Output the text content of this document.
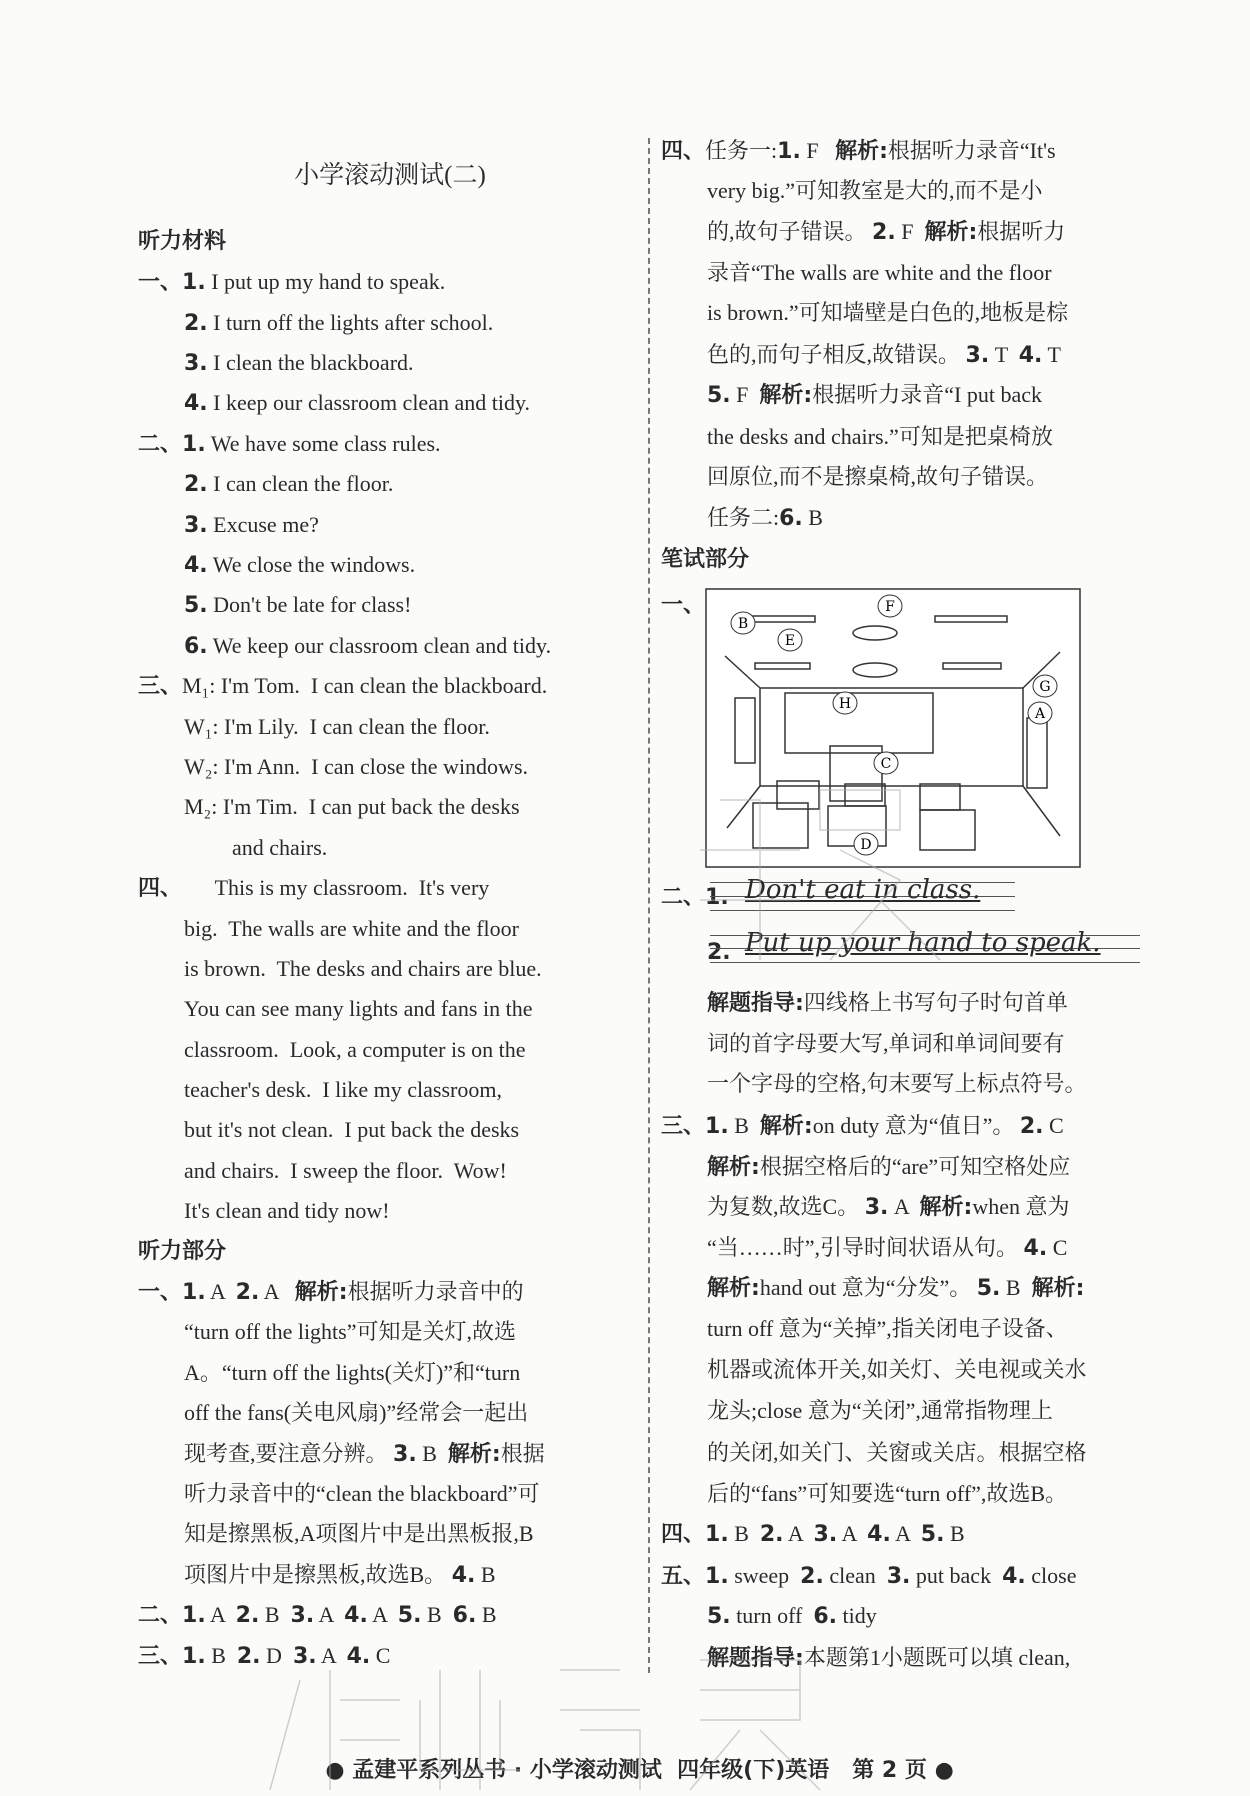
小学滚动测试(二)
听力材料
一、1. I put up my hand to speak.
2. I turn off the lights after school.
3. I clean the blackboard.
4. I keep our classroom clean and tidy.
二、1. We have some class rules.
2. I can clean the floor.
3. Excuse me?
4. We close the windows.
5. Don't be late for class!
6. We keep our classroom clean and tidy.
三、M₁: I'm Tom.  I can clean the blackboard.
W₁: I'm Lily.  I can clean the floor.
W₂: I'm Ann.  I can close the windows.
M₂: I'm Tim.  I can put back the desks
and chairs.
四、      This is my classroom.  It's very
big.  The walls are white and the floor
is brown.  The desks and chairs are blue.
You can see many lights and fans in the
classroom.  Look, a computer is on the
teacher's desk.  I like my classroom,
but it's not clean.  I put back the desks
and chairs.  I sweep the floor.  Wow!
It's clean and tidy now!
听力部分
一、1. A  2. A   解析:根据听力录音中的
“turn off the lights”可知是关灯,故选
A。“turn off the lights(关灯)”和“turn
off the fans(关电风扇)”经常会一起出
现考查,要注意分辨。 3. B  解析:根据
听力录音中的“clean the blackboard”可
知是擦黑板,A项图片中是出黑板报,B
项图片中是擦黑板,故选B。 4. B
二、1. A  2. B  3. A  4. A  5. B  6. B
三、1. B  2. D  3. A  4. C
四、任务一:1. F   解析:根据听力录音“It's
very big.”可知教室是大的,而不是小
的,故句子错误。 2. F  解析:根据听力
录音“The walls are white and the floor
is brown.”可知墙壁是白色的,地板是棕
色的,而句子相反,故错误。 3. T  4. T
5. F  解析:根据听力录音“I put back
the desks and chairs.”可知是把桌椅放
回原位,而不是擦桌椅,故句子错误。
任务二:6. B
笔试部分
一、
二、1.
2.
解题指导:四线格上书写句子时句首单
词的首字母要大写,单词和单词间要有
一个字母的空格,句末要写上标点符号。
三、1. B  解析:on duty 意为“值日”。 2. C
解析:根据空格后的“are”可知空格处应
为复数,故选C。 3. A  解析:when 意为
“当……时”,引导时间状语从句。 4. C
解析:hand out 意为“分发”。 5. B  解析:
turn off 意为“关掉”,指关闭电子设备、
机器或流体开关,如关灯、关电视或关水
龙头;close 意为“关闭”,通常指物理上
的关闭,如关门、关窗或关店。根据空格
后的“fans”可知要选“turn off”,故选B。
四、1. B  2. A  3. A  4. A  5. B
五、1. sweep  2. clean  3. put back  4. close
5. turn off  6. tidy
解题指导:本题第1小题既可以填 clean,
A
B
C
D
E
F
G
H
Don't eat in class.
Put up your hand to speak.

● 孟建平系列丛书 · 小学滚动测试  四年级(下)英语   第 2 页 ●
